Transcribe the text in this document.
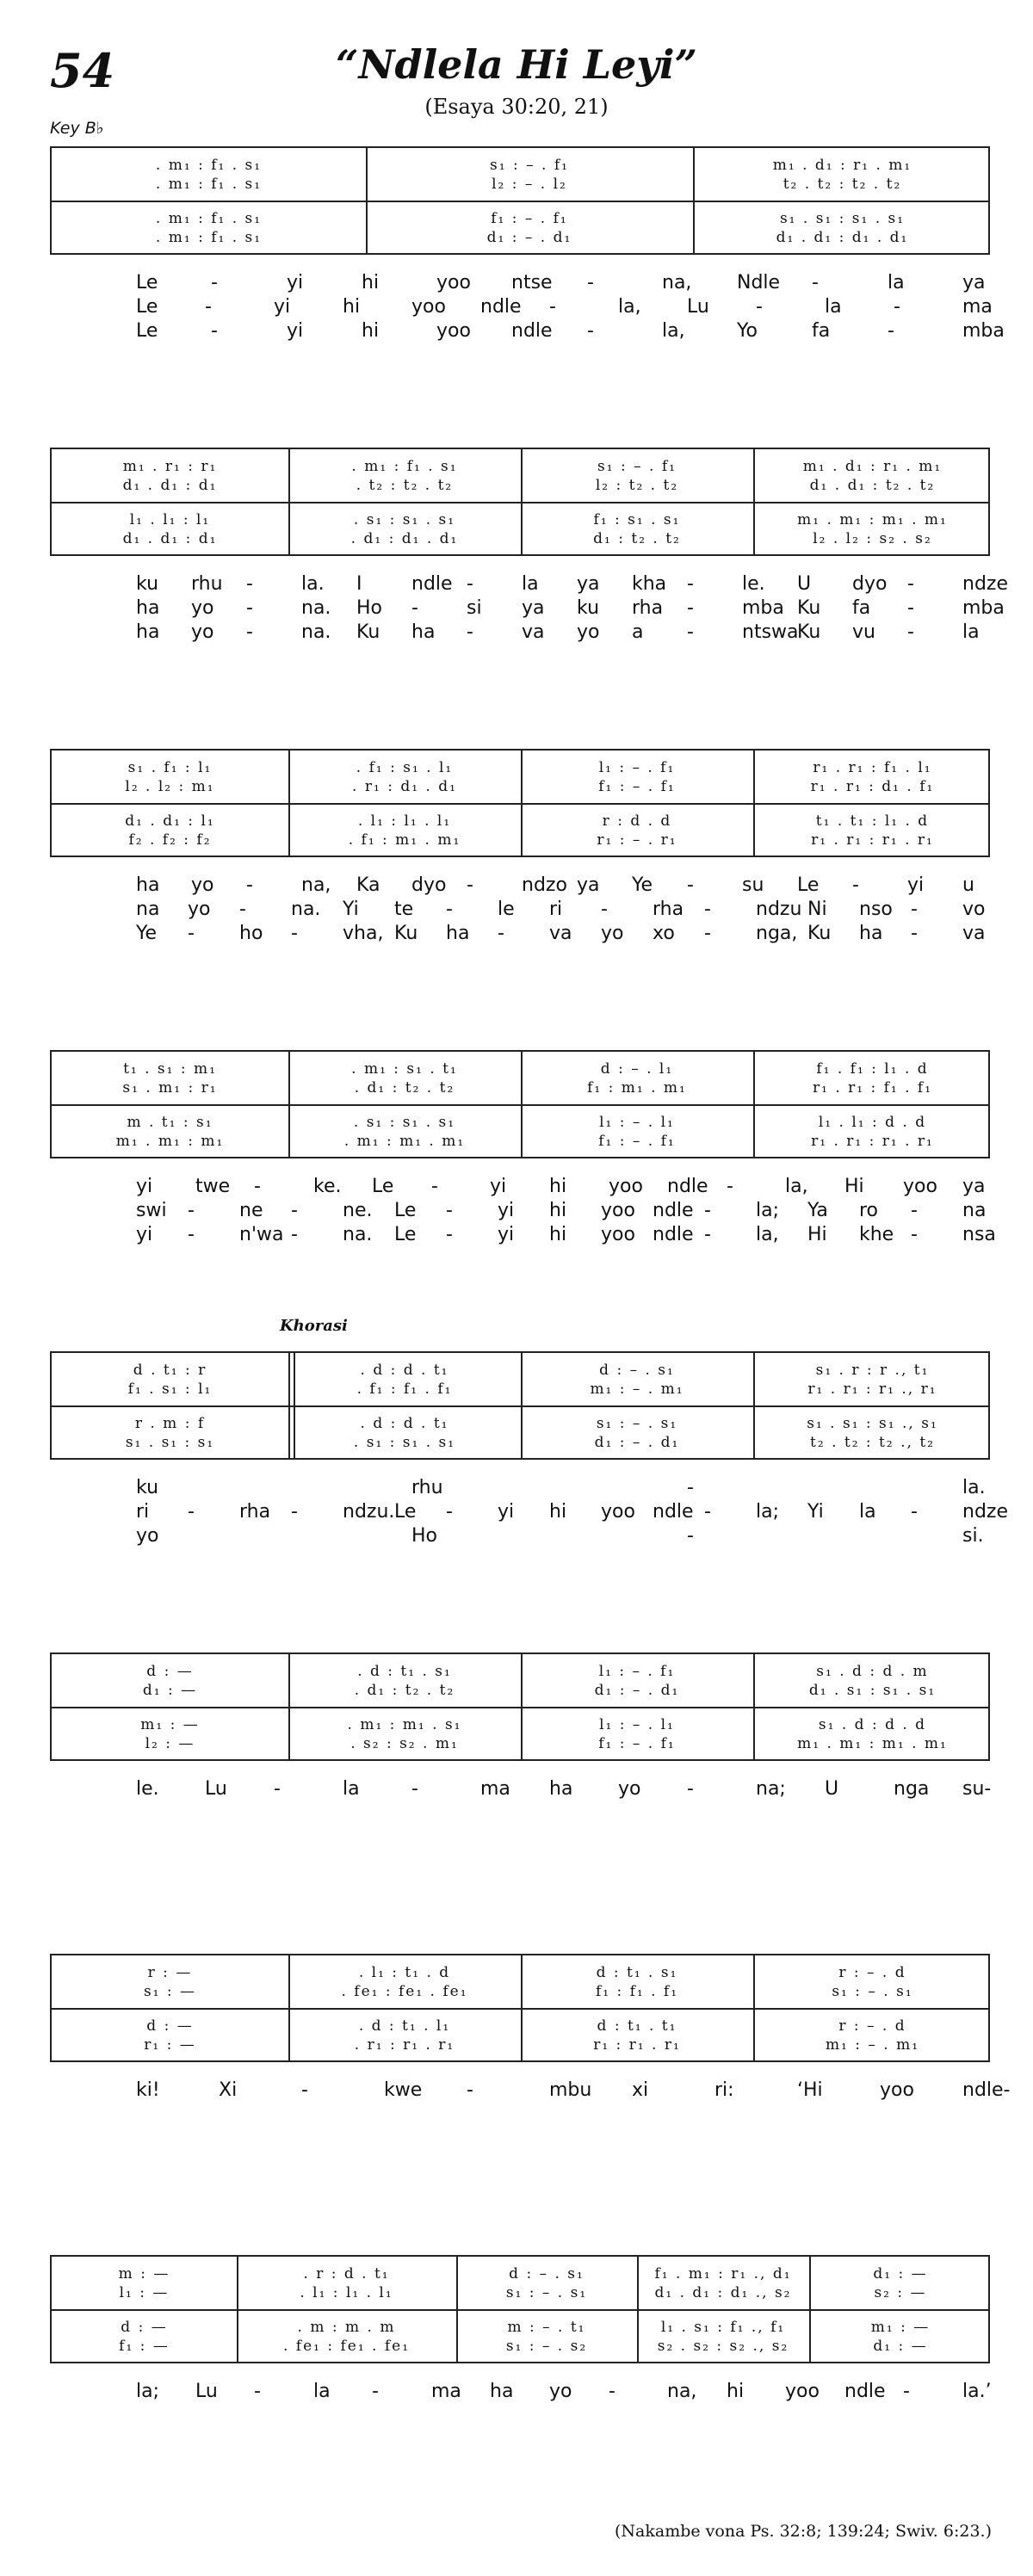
54	“Ndlela Hi Leyi”
(Esaya 30:20, 21)
Key B♭
Khorasi
(Nakambe vona Ps. 32:8; 139:24; Swiv. 6:23.)
. m₁ : f₁ . s₁	s₁ : – . f₁	m₁ . d₁ : r₁ . m₁
. m₁ : f₁ . s₁	l₂ : – . l₂	t₂ . t₂ : t₂ . t₂
. m₁ : f₁ . s₁	f₁ : – . f₁	s₁ . s₁ : s₁ . s₁
. m₁ : f₁ . s₁	d₁ : – . d₁	d₁ . d₁ : d₁ . d₁
Le	-	yi	hi	yoo ntse -	na, Ndle -	la	ya
Le -	yi	hi	yoo ndle -	la, Lu -	la	-	ma
Le	-	yi	hi	yoo ndle -	la,	Yo	fa	-	mba
m₁ . r₁ : r₁	. m₁ : f₁ . s₁	s₁ : – . f₁	m₁ . d₁ : r₁ . m₁
d₁ . d₁ : d₁	. t₂ : t₂ . t₂	l₂ : t₂ . t₂	d₁ . d₁ : t₂ . t₂
l₁ . l₁ : l₁	. s₁ : s₁ . s₁	f₁ : s₁ . s₁	m₁ . m₁ : m₁ . m₁
d₁ . d₁ : d₁	. d₁ : d₁ . d₁	d₁ : t₂ . t₂	l₂ . l₂ : s₂ . s₂
ku rhu -	la. I	ndle -	la ya kha -	le. U dyo -	ndze
ha yo -	na. Ho -	si ya ku rha -	mba Ku fa -	mba
ha yo -	na. Ku ha -	va yo a -	ntswa
Ku vu -	la
s₁ . f₁ : l₁	. f₁ : s₁ . l₁	l₁ : – . f₁	r₁ . r₁ : f₁ . l₁
l₂ . l₂ : m₁	. r₁ : d₁ . d₁	f₁ : – . f₁	r₁ . r₁ : d₁ . f₁
d₁ . d₁ : l₁	. l₁ : l₁ . l₁	r : d . d	t₁ . t₁ : l₁ . d
f₂ . f₂ : f₂	. f₁ : m₁ . m₁	r₁ : – . r₁	r₁ . r₁ : r₁ . r₁
ha yo -	na, Ka dyo -	ndzo ya Ye -	su Le -	yi u
na yo - na. Yi te - le ri - rha - ndzu Ni nso - vo
Ye - ho - vha, Ku ha - va yo xo - nga, Ku ha - va
t₁ . s₁ : m₁	. m₁ : s₁ . t₁	d : – . l₁	f₁ . f₁ : l₁ . d
s₁ . m₁ : r₁	. d₁ : t₂ . t₂	f₁ : m₁ . m₁	r₁ . r₁ : f₁ . f₁
m . t₁ : s₁	. s₁ : s₁ . s₁	l₁ : – . l₁	l₁ . l₁ : d . d
m₁ . m₁ : m₁	. m₁ : m₁ . m₁	f₁ : – . f₁	r₁ . r₁ : r₁ . r₁
yi twe -	ke. Le -	yi hi yoo ndle -	la, Hi yoo ya
swi - ne - ne. Le - yi hi yoo ndle - la; Ya ro - na
yi - n'wa - na. Le - yi hi yoo ndle - la, Hi khe - nsa
d . t₁ : r	. d : d . t₁	d : – . s₁	s₁ . r : r ., t₁
f₁ . s₁ : l₁	. f₁ : f₁ . f₁	m₁ : – . m₁	r₁ . r₁ : r₁ ., r₁
r . m : f	. d : d . t₁	s₁ : – . s₁	s₁ . s₁ : s₁ ., s₁
s₁ . s₁ : s₁	. s₁ : s₁ . s₁	d₁ : – . d₁	t₂ . t₂ : t₂ ., t₂
ku	rhu	-	la.
ri - rha - ndzu. Le - yi hi yoo ndle - la; Yi la - ndze
yo	Ho	-	si.
d : —	. d : t₁ . s₁	l₁ : – . f₁	s₁ . d : d . m
d₁ : —	. d₁ : t₂ . t₂	d₁ : – . d₁	d₁ . s₁ : s₁ . s₁
m₁ : —	. m₁ : m₁ . s₁	l₁ : – . l₁	s₁ . d : d . d
l₂ : —	. s₂ : s₂ . m₁	f₁ : – . f₁	m₁ . m₁ : m₁ . m₁
le. Lu -	la	-	ma ha yo -	na; U	nga su-
r : —	. l₁ : t₁ . d	d : t₁ . s₁	r : – . d
s₁ : —	. fe₁ : fe₁ . fe₁	f₁ : f₁ . f₁	s₁ : – . s₁
d : —	. d : t₁ . l₁	d : t₁ . t₁	r : – . d
r₁ : —	. r₁ : r₁ . r₁	r₁ : r₁ . r₁	m₁ : – . m₁
ki!	Xi	-	kwe -	mbu xi	ri:	‘Hi	yoo	ndle-
m : —	. r : d . t₁	d : – . s₁	f₁ . m₁ : r₁ ., d₁	d₁ : —
l₁ : —	. l₁ : l₁ . l₁	s₁ : – . s₁	d₁ . d₁ : d₁ ., s₂	s₂ : —
d : —	. m : m . m	m : – . t₁	l₁ . s₁ : f₁ ., f₁	m₁ : —
f₁ : —	. fe₁ : fe₁ . fe₁	s₁ : – . s₂	s₂ . s₂ : s₂ ., s₂	d₁ : —
la; Lu -	la -	ma ha yo -	na, hi yoo ndle -	la.’
